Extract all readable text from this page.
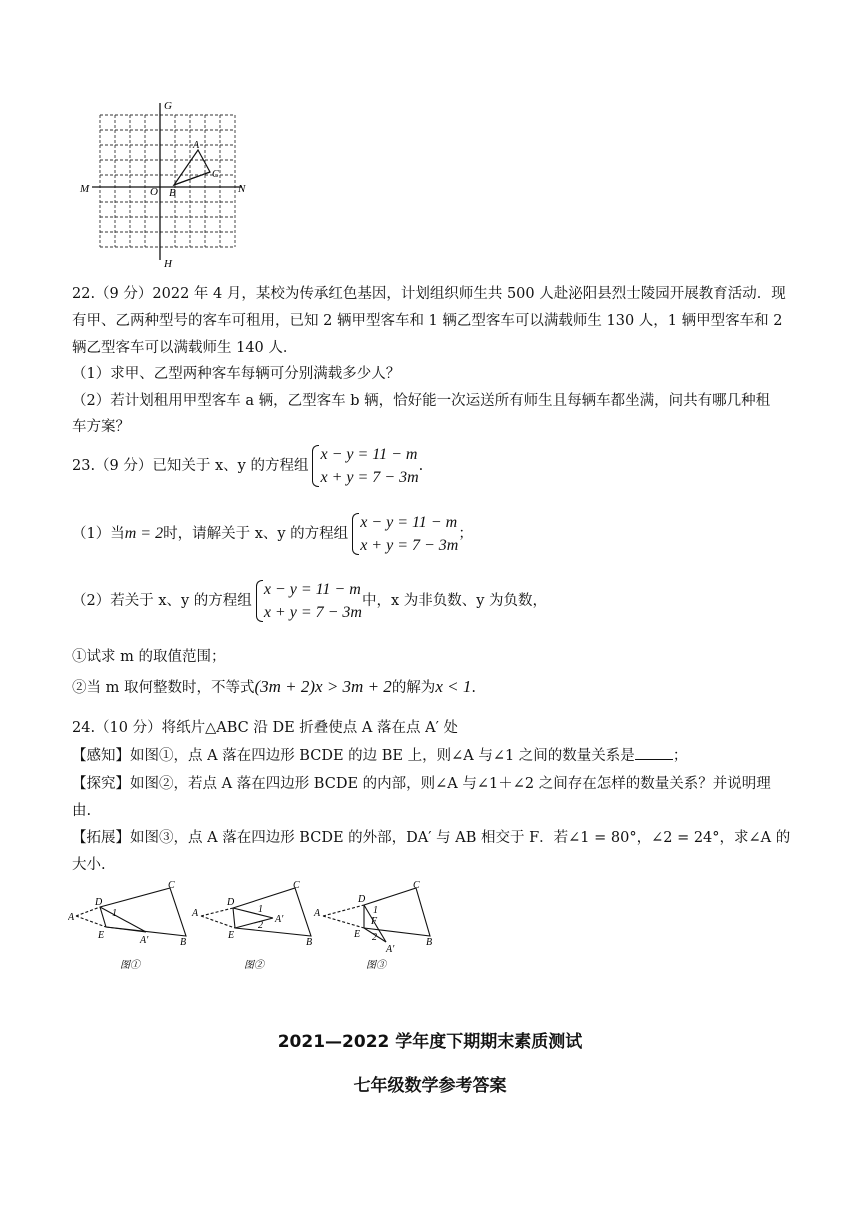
G
H
M	N
O B
A
C
22.（9 分）2022 年 4 月，某校为传承红色基因，计划组织师生共 500 人赴泌阳县烈士陵园开展教育活动．现
有甲、乙两种型号的客车可租用，已知 2 辆甲型客车和 1 辆乙型客车可以满载师生 130 人，1 辆甲型客车和 2
辆乙型客车可以满载师生 140 人．
（1）求甲、乙型两种客车每辆可分别满载多少人？
（2）若计划租用甲型客车 a 辆，乙型客车 b 辆，恰好能一次运送所有师生且每辆车都坐满，问共有哪几种租
车方案？
23.（9 分）已知关于 x、y 的方程组
x − y = 11 − m
x + y = 7 − 3m
.
（1）当m = 2时，请解关于 x、y 的方程组
x − y = 11 − m
x + y = 7 − 3m
；
（2）若关于 x、y 的方程组
x − y = 11 − m
x + y = 7 − 3m
中，x 为非负数、y 为负数，
①试求 m 的取值范围；
②当 m 取何整数时，不等式(3m + 2)x > 3m + 2的解为x < 1.
24.（10 分）将纸片△ABC 沿 DE 折叠使点 A 落在点 A′ 处
【感知】如图①，点 A 落在四边形 BCDE 的边 BE 上，则∠A 与∠1 之间的数量关系是	；
【探究】如图②，若点 A 落在四边形 BCDE 的内部，则∠A 与∠1＋∠2 之间存在怎样的数量关系？并说明理
由.
【拓展】如图③，点 A 落在四边形 BCDE 的外部，DA′ 与 AB 相交于 F．若∠1 = 80°，∠2 = 24°，求∠A 的
大小.
A
D
E
C
B
A′
1	A
D
E
C
B
A′
1
2
A
D
E
C
B
A′
F
1
2
图①	图②	图③
2021—2022 学年度下期期末素质测试
七年级数学参考答案
